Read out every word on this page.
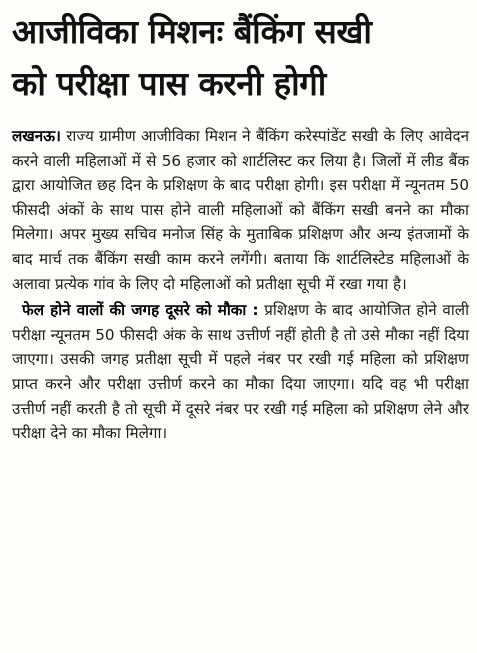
आजीविका मिशनः बैंकिंग सखी
को परीक्षा पास करनी होगी

लखनऊ। राज्य ग्रामीण आजीविका मिशन ने बैंकिंग करेस्पांडेंट सखी के लिए आवेदन करने वाली महिलाओं में से 56 हजार को शार्टलिस्ट कर लिया है। जिलों में लीड बैंक द्वारा आयोजित छह दिन के प्रशिक्षण के बाद परीक्षा होगी। इस परीक्षा में न्यूनतम 50 फीसदी अंकों के साथ पास होने वाली महिलाओं को बैंकिंग सखी बनने का मौका मिलेगा। अपर मुख्य सचिव मनोज सिंह के मुताबिक प्रशिक्षण और अन्य इंतजामों के बाद मार्च तक बैंकिंग सखी काम करने लगेंगी। बताया कि शार्टलिस्टेड महिलाओं के अलावा प्रत्येक गांव के लिए दो महिलाओं को प्रतीक्षा सूची में रखा गया है।

फेल होने वालों की जगह दूसरे को मौका : प्रशिक्षण के बाद आयोजित होने वाली परीक्षा न्यूनतम 50 फीसदी अंक के साथ उत्तीर्ण नहीं होती है तो उसे मौका नहीं दिया जाएगा। उसकी जगह प्रतीक्षा सूची में पहले नंबर पर रखी गई महिला को प्रशिक्षण प्राप्त करने और परीक्षा उत्तीर्ण करने का मौका दिया जाएगा। यदि वह भी परीक्षा उत्तीर्ण नहीं करती है तो सूची में दूसरे नंबर पर रखी गई महिला को प्रशिक्षण लेने और परीक्षा देने का मौका मिलेगा।
